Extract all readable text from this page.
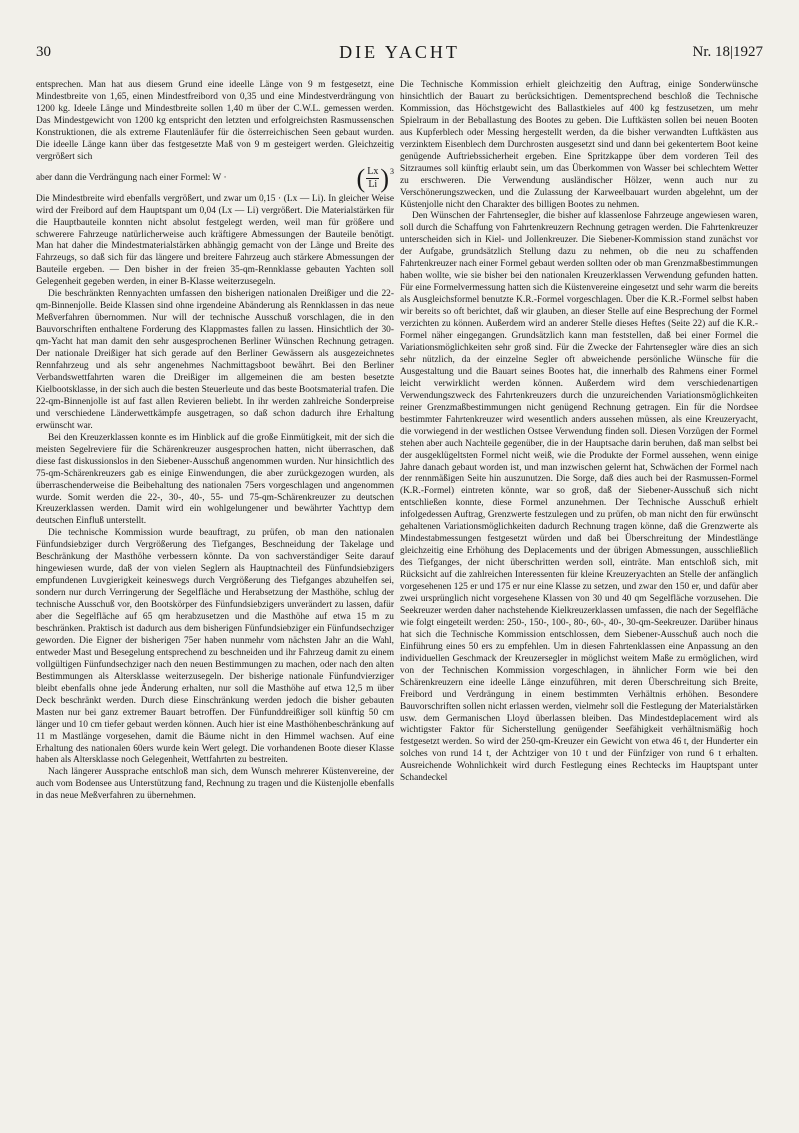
30	DIE YACHT	Nr. 18|1927

entsprechen. Man hat aus diesem Grund eine ideelle Länge von 9 m festgesetzt, eine Mindestbreite von 1,65, einen Mindestfreibord von 0,35 und eine Mindestverdrängung von 1200 kg. Ideele Länge und Mindestbreite sollen 1,40 m über der C.W.L. gemessen werden. Das Mindestgewicht von 1200 kg entspricht den letzten und erfolgreichsten Rasmussenschen Konstruktionen, die als extreme Flautenläufer für die österreichischen Seen gebaut wurden. Die ideelle Länge kann über das festgesetzte Maß von 9 m gesteigert werden. Gleichzeitig vergrößert sich

aber dann die Verdrängung nach einer Formel: W ·	( $\frac{Lx}{Li} )^3$

Die Mindestbreite wird ebenfalls vergrößert, und zwar um 0,15 · (Lx — Li). In gleicher Weise wird der Freibord auf dem Hauptspant um 0,04 (Lx — Li) vergrößert. Die Materialstärken für die Hauptbauteile konnten nicht absolut festgelegt werden, weil man für größere und schwerere Fahrzeuge natürlicherweise auch kräftigere Abmessungen der Bauteile benötigt. Man hat daher die Mindestmaterialstärken abhängig gemacht von der Länge und Breite des Fahrzeugs, so daß sich für das längere und breitere Fahrzeug auch stärkere Abmessungen der Bauteile ergeben. — Den bisher in der freien 35-qm-Rennklasse gebauten Yachten soll Gelegenheit gegeben werden, in einer B-Klasse weiterzusegeln.

Die beschränkten Rennyachten umfassen den bisherigen nationalen Dreißiger und die 22-qm-Binnenjolle. Beide Klassen sind ohne irgendeine Abänderung als Rennklassen in das neue Meßverfahren übernommen. Nur will der technische Ausschuß vorschlagen, die in den Bauvorschriften enthaltene Forderung des Klappmastes fallen zu lassen. Hinsichtlich der 30-qm-Yacht hat man damit den sehr ausgesprochenen Berliner Wünschen Rechnung getragen. Der nationale Dreißiger hat sich gerade auf den Berliner Gewässern als ausgezeichnetes Rennfahrzeug und als sehr angenehmes Nachmittagsboot bewährt. Bei den Berliner Verbandswettfahrten waren die Dreißiger im allgemeinen die am besten besetzte Kielbootsklasse, in der sich auch die besten Steuerleute und das beste Bootsmaterial trafen. Die 22-qm-Binnenjolle ist auf fast allen Revieren beliebt. In ihr werden zahlreiche Sonderpreise und verschiedene Länderwettkämpfe ausgetragen, so daß schon dadurch ihre Erhaltung erwünscht war.

Bei den Kreuzerklassen konnte es im Hinblick auf die große Einmütigkeit, mit der sich die meisten Segelreviere für die Schärenkreuzer ausgesprochen hatten, nicht überraschen, daß diese fast diskussionslos in den Siebener-Ausschuß angenommen wurden. Nur hinsichtlich des 75-qm-Schärenkreuzers gab es einige Einwendungen, die aber zurückgezogen wurden, als überraschenderweise die Beibehaltung des nationalen 75ers vorgeschlagen und angenommen wurde. Somit werden die 22-, 30-, 40-, 55- und 75-qm-Schärenkreuzer zu deutschen Kreuzerklassen werden. Damit wird ein wohlgelungener und bewährter Yachttyp dem deutschen Einfluß unterstellt.

Die technische Kommission wurde beauftragt, zu prüfen, ob man den nationalen Fünfundsiebziger durch Vergrößerung des Tiefganges, Beschneidung der Takelage und Beschränkung der Masthöhe verbessern könnte. Da von sachverständiger Seite darauf hingewiesen wurde, daß der von vielen Seglern als Hauptnachteil des Fünfundsiebzigers empfundenen Luvgierigkeit keineswegs durch Vergrößerung des Tiefganges abzuhelfen sei, sondern nur durch Verringerung der Segelfläche und Herabsetzung der Masthöhe, schlug der technische Ausschuß vor, den Bootskörper des Fünfundsiebzigers unverändert zu lassen, dafür aber die Segelfläche auf 65 qm herabzusetzen und die Masthöhe auf etwa 15 m zu beschränken. Praktisch ist dadurch aus dem bisherigen Fünfundsiebziger ein Fünfundsechziger geworden. Die Eigner der bisherigen 75er haben nunmehr vom nächsten Jahr an die Wahl, entweder Mast und Besegelung entsprechend zu beschneiden und ihr Fahrzeug damit zu einem vollgültigen Fünfundsechziger nach den neuen Bestimmungen zu machen, oder nach den alten Bestimmungen als Altersklasse weiterzusegeln. Der bisherige nationale Fünfundvierziger bleibt ebenfalls ohne jede Änderung erhalten, nur soll die Masthöhe auf etwa 12,5 m über Deck beschränkt werden. Durch diese Einschränkung werden jedoch die bisher gebauten Masten nur bei ganz extremer Bauart betroffen. Der Fünfunddreißiger soll künftig 50 cm länger und 10 cm tiefer gebaut werden können. Auch hier ist eine Masthöhenbeschränkung auf 11 m Mastlänge vorgesehen, damit die Bäume nicht in den Himmel wachsen. Auf eine Erhaltung des nationalen 60ers wurde kein Wert gelegt. Die vorhandenen Boote dieser Klasse haben als Altersklasse noch Gelegenheit, Wettfahrten zu bestreiten.

Nach längerer Aussprache entschloß man sich, dem Wunsch mehrerer Küstenvereine, der auch vom Bodensee aus Unterstützung fand, Rechnung zu tragen und die Küstenjolle ebenfalls in das neue Meßverfahren zu übernehmen.

Die Technische Kommission erhielt gleichzeitig den Auftrag, einige Sonderwünsche hinsichtlich der Bauart zu berücksichtigen. Dementsprechend beschloß die Technische Kommission, das Höchstgewicht des Ballastkieles auf 400 kg festzusetzen, um mehr Spielraum in der Beballastung des Bootes zu geben. Die Luftkästen sollen bei neuen Booten aus Kupferblech oder Messing hergestellt werden, da die bisher verwandten Luftkästen aus verzinktem Eisenblech dem Durchrosten ausgesetzt sind und dann bei gekentertem Boot keine genügende Auftriebssicherheit ergeben. Eine Spritzkappe über dem vorderen Teil des Sitzraumes soll künftig erlaubt sein, um das Überkommen von Wasser bei schlechtem Wetter zu erschweren. Die Verwendung ausländischer Hölzer, wenn auch nur zu Verschönerungszwecken, und die Zulassung der Karweelbauart wurden abgelehnt, um der Küstenjolle nicht den Charakter des billigen Bootes zu nehmen.

Den Wünschen der Fahrtensegler, die bisher auf klassenlose Fahrzeuge angewiesen waren, soll durch die Schaffung von Fahrtenkreuzern Rechnung getragen werden. Die Fahrtenkreuzer unterscheiden sich in Kiel- und Jollenkreuzer. Die Siebener-Kommission stand zunächst vor der Aufgabe, grundsätzlich Stellung dazu zu nehmen, ob die neu zu schaffenden Fahrtenkreuzer nach einer Formel gebaut werden sollten oder ob man Grenzmaßbestimmungen haben wollte, wie sie bisher bei den nationalen Kreuzerklassen Verwendung gefunden hatten. Für eine Formelvermessung hatten sich die Küstenvereine eingesetzt und sehr warm die bereits als Ausgleichsformel benutzte K.R.-Formel vorgeschlagen. Über die K.R.-Formel selbst haben wir bereits so oft berichtet, daß wir glauben, an dieser Stelle auf eine Besprechung der Formel verzichten zu können. Außerdem wird an anderer Stelle dieses Heftes (Seite 22) auf die K.R.-Formel näher eingegangen. Grundsätzlich kann man feststellen, daß bei einer Formel die Variationsmöglichkeiten sehr groß sind. Für die Zwecke der Fahrtensegler wäre dies an sich sehr nützlich, da der einzelne Segler oft abweichende persönliche Wünsche für die Ausgestaltung und die Bauart seines Bootes hat, die innerhalb des Rahmens einer Formel leicht verwirklicht werden können. Außerdem wird dem verschiedenartigen Verwendungszweck des Fahrtenkreuzers durch die unzureichenden Variationsmöglichkeiten reiner Grenzmaßbestimmungen nicht genügend Rechnung getragen. Ein für die Nordsee bestimmter Fahrtenkreuzer wird wesentlich anders aussehen müssen, als eine Kreuzeryacht, die vorwiegend in der westlichen Ostsee Verwendung finden soll. Diesen Vorzügen der Formel stehen aber auch Nachteile gegenüber, die in der Hauptsache darin beruhen, daß man selbst bei der ausgeklügeltsten Formel nicht weiß, wie die Produkte der Formel aussehen, wenn einige Jahre danach gebaut worden ist, und man inzwischen gelernt hat, Schwächen der Formel nach der rennmäßigen Seite hin auszunutzen. Die Sorge, daß dies auch bei der Rasmussen-Formel (K.R.-Formel) eintreten könnte, war so groß, daß der Siebener-Ausschuß sich nicht entschließen konnte, diese Formel anzunehmen. Der Technische Ausschuß erhielt infolgedessen Auftrag, Grenzwerte festzulegen und zu prüfen, ob man nicht den für erwünscht gehaltenen Variationsmöglichkeiten dadurch Rechnung tragen könne, daß die Grenzwerte als Mindestabmessungen festgesetzt würden und daß bei Überschreitung der Mindestlänge gleichzeitig eine Erhöhung des Deplacements und der übrigen Abmessungen, ausschließlich des Tiefganges, der nicht überschritten werden soll, einträte. Man entschloß sich, mit Rücksicht auf die zahlreichen Interessenten für kleine Kreuzeryachten an Stelle der anfänglich vorgesehenen 125 er und 175 er nur eine Klasse zu setzen, und zwar den 150 er, und dafür aber zwei ursprünglich nicht vorgesehene Klassen von 30 und 40 qm Segelfläche vorzusehen. Die Seekreuzer werden daher nachstehende Kielkreuzerklassen umfassen, die nach der Segelfläche wie folgt eingeteilt werden: 250-, 150-, 100-, 80-, 60-, 40-, 30-qm-Seekreuzer. Darüber hinaus hat sich die Technische Kommission entschlossen, dem Siebener-Ausschuß auch noch die Einführung eines 50 ers zu empfehlen. Um in diesen Fahrtenklassen eine Anpassung an den individuellen Geschmack der Kreuzersegler in möglichst weitem Maße zu ermöglichen, wird von der Technischen Kommission vorgeschlagen, in ähnlicher Form wie bei den Schärenkreuzern eine ideelle Länge einzuführen, mit deren Überschreitung sich Breite, Freibord und Verdrängung in einem bestimmten Verhältnis erhöhen. Besondere Bauvorschriften sollen nicht erlassen werden, vielmehr soll die Festlegung der Materialstärken usw. dem Germanischen Lloyd überlassen bleiben. Das Mindestdeplacement wird als wichtigster Faktor für Sicherstellung genügender Seefähigkeit verhältnismäßig hoch festgesetzt werden. So wird der 250-qm-Kreuzer ein Gewicht von etwa 46 t, der Hunderter ein solches von rund 14 t, der Achtziger von 10 t und der Fünfziger von rund 6 t erhalten. Ausreichende Wohnlichkeit wird durch Festlegung eines Rechtecks im Hauptspant unter Schandeckel
